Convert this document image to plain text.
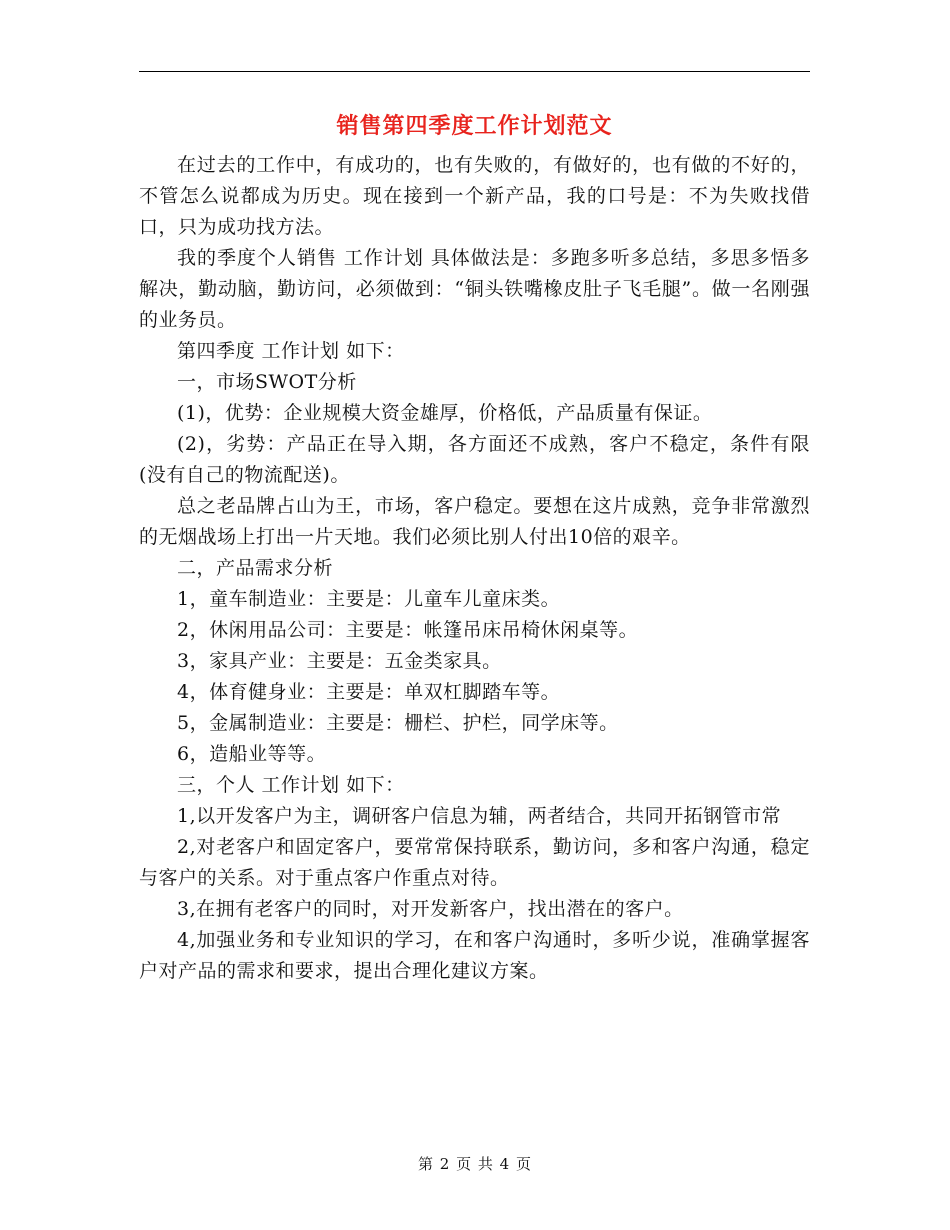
销售第四季度工作计划范文

在过去的工作中，有成功的，也有失败的，有做好的，也有做的不好的，不管怎么说都成为历史。现在接到一个新产品，我的口号是：不为失败找借口，只为成功找方法。

我的季度个人销售 工作计划 具体做法是：多跑多听多总结，多思多悟多解决，勤动脑，勤访问，必须做到：“铜头铁嘴橡皮肚子飞毛腿”。做一名刚强的业务员。

第四季度 工作计划 如下：

一，市场SWOT分析

(1)，优势：企业规模大资金雄厚，价格低，产品质量有保证。

(2)，劣势：产品正在导入期，各方面还不成熟，客户不稳定，条件有限(没有自己的物流配送)。

总之老品牌占山为王，市场，客户稳定。要想在这片成熟，竞争非常激烈的无烟战场上打出一片天地。我们必须比别人付出10倍的艰辛。

二，产品需求分析

1，童车制造业：主要是：儿童车儿童床类。

2，休闲用品公司：主要是：帐篷吊床吊椅休闲桌等。

3，家具产业：主要是：五金类家具。

4，体育健身业：主要是：单双杠脚踏车等。

5，金属制造业：主要是：栅栏、护栏，同学床等。

6，造船业等等。

三，个人 工作计划 如下：

1,以开发客户为主，调研客户信息为辅，两者结合，共同开拓钢管市常

2,对老客户和固定客户，要常常保持联系，勤访问，多和客户沟通，稳定与客户的关系。对于重点客户作重点对待。

3,在拥有老客户的同时，对开发新客户，找出潜在的客户。

4,加强业务和专业知识的学习，在和客户沟通时，多听少说，准确掌握客户对产品的需求和要求，提出合理化建议方案。

第 2 页 共 4 页
